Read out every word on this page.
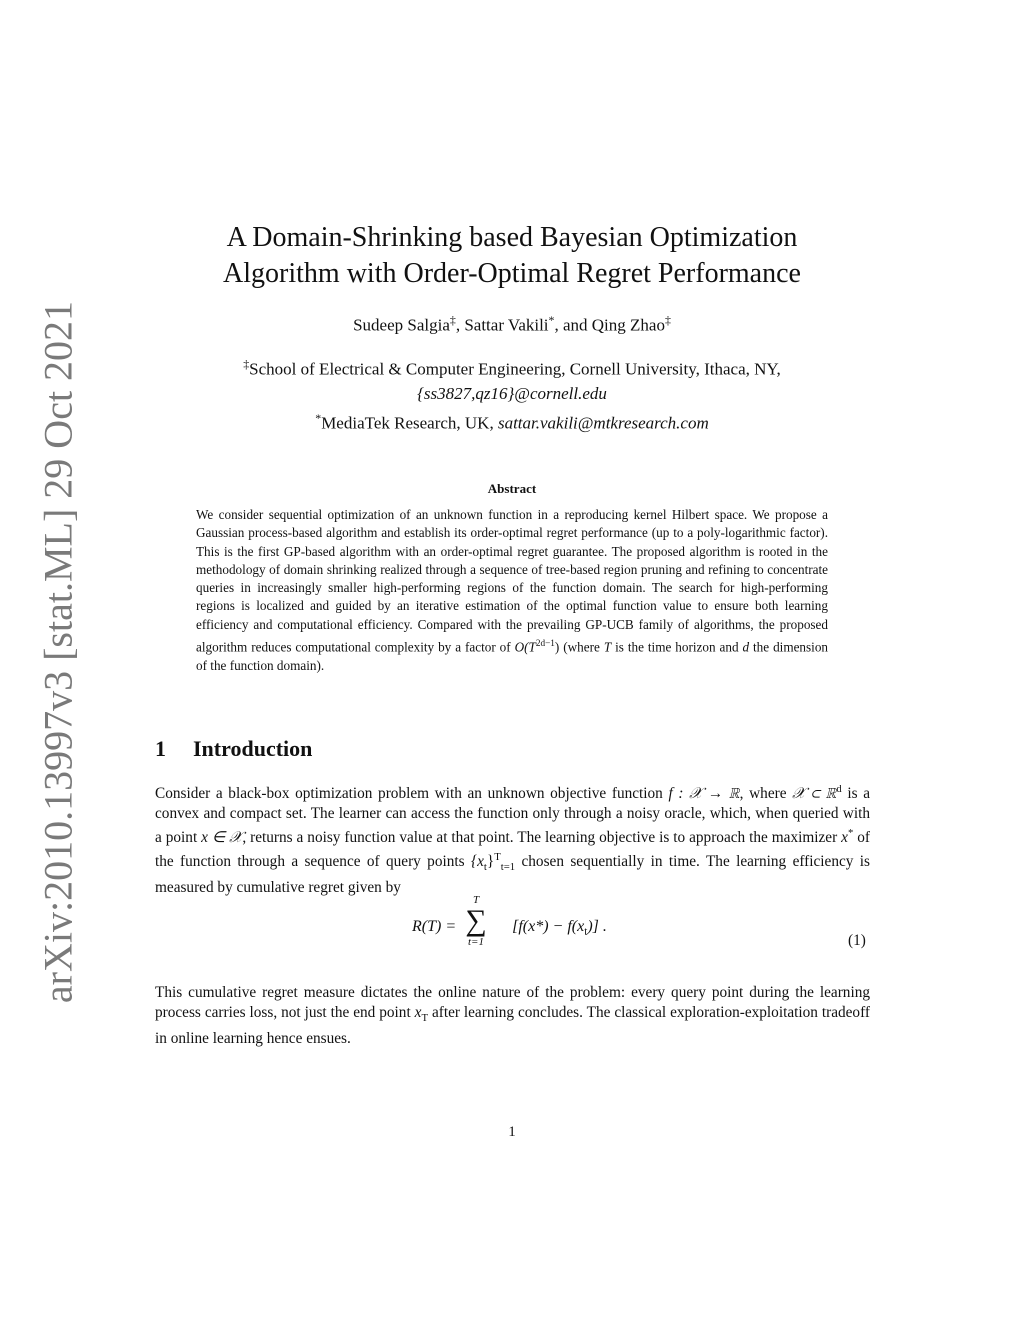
arXiv:2010.13997v3 [stat.ML] 29 Oct 2021
A Domain-Shrinking based Bayesian Optimization
Algorithm with Order-Optimal Regret Performance
Sudeep Salgia‡, Sattar Vakili*, and Qing Zhao‡
‡School of Electrical & Computer Engineering, Cornell University, Ithaca, NY,
{ss3827,qz16}@cornell.edu
*MediaTek Research, UK, sattar.vakili@mtkresearch.com
Abstract
We consider sequential optimization of an unknown function in a reproducing kernel Hilbert space. We propose a Gaussian process-based algorithm and establish its order-optimal regret performance (up to a poly-logarithmic factor). This is the first GP-based algorithm with an order-optimal regret guarantee. The proposed algorithm is rooted in the methodology of domain shrinking realized through a sequence of tree-based region pruning and refining to concentrate queries in increasingly smaller high-performing regions of the function domain. The search for high-performing regions is localized and guided by an iterative estimation of the optimal function value to ensure both learning efficiency and computational efficiency. Compared with the prevailing GP-UCB family of algorithms, the proposed algorithm reduces computational complexity by a factor of $O(T^{2d-1})$ (where T is the time horizon and d the dimension of the function domain).
1 Introduction
Consider a black-box optimization problem with an unknown objective function f : 𝒳 → ℝ, where 𝒳 ⊂ ℝ$^d$ is a convex and compact set. The learner can access the function only through a noisy oracle, which, when queried with a point x ∈ 𝒳, returns a noisy function value at that point. The learning objective is to approach the maximizer x* of the function through a sequence of query points $\{x_t\}^T_{t=1}$ chosen sequentially in time. The learning efficiency is measured by cumulative regret given by
R(T) =
T
∑
t=1
$[f(x*) - f(x_t)]$ .
(1)
This cumulative regret measure dictates the online nature of the problem: every query point during the learning process carries loss, not just the end point $x_T$ after learning concludes. The classical exploration-exploitation tradeoff in online learning hence ensues.
1
